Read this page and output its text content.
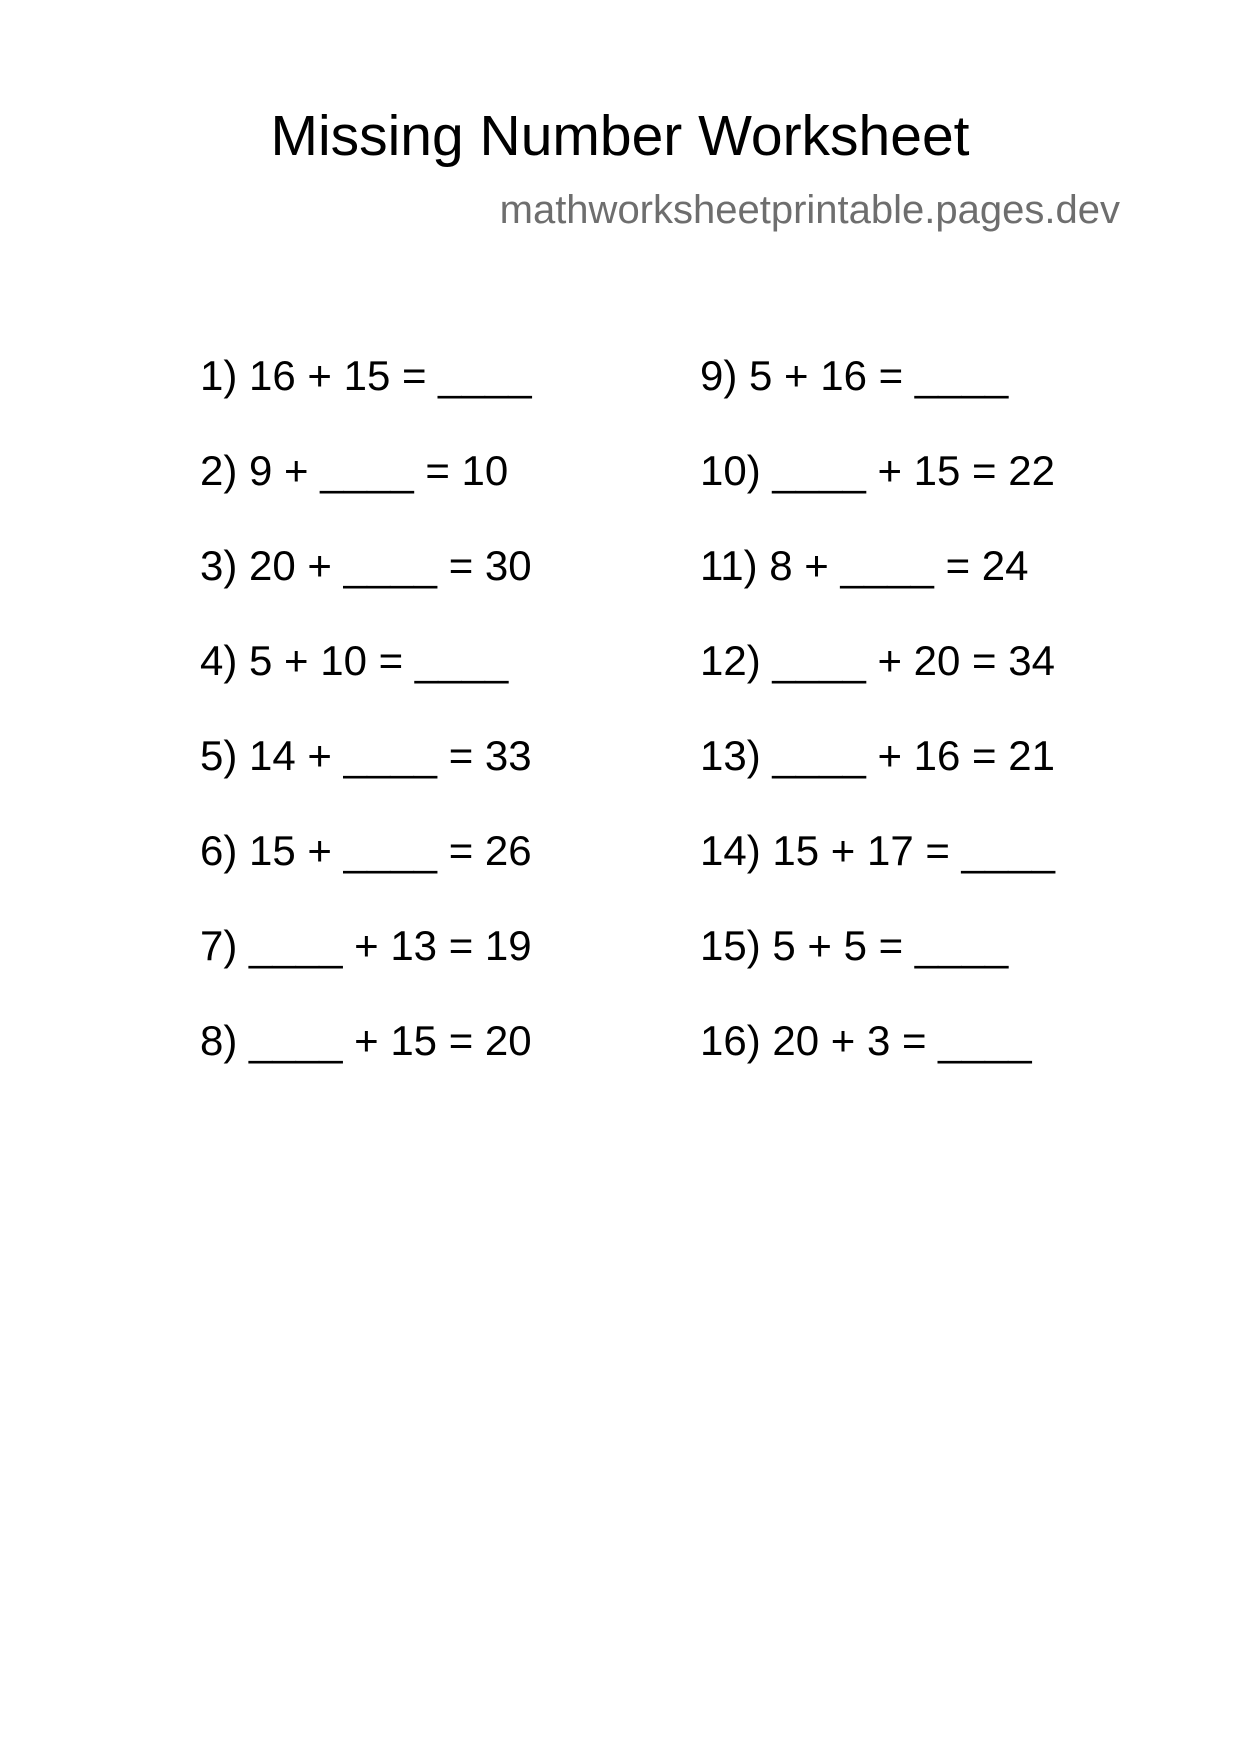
Missing Number Worksheet
mathworksheetprintable.pages.dev
1) 16 + 15 = ____
2) 9 + ____ = 10
3) 20 + ____ = 30
4) 5 + 10 = ____
5) 14 + ____ = 33
6) 15 + ____ = 26
7) ____ + 13 = 19
8) ____ + 15 = 20
9) 5 + 16 = ____
10) ____ + 15 = 22
11) 8 + ____ = 24
12) ____ + 20 = 34
13) ____ + 16 = 21
14) 15 + 17 = ____
15) 5 + 5 = ____
16) 20 + 3 = ____
